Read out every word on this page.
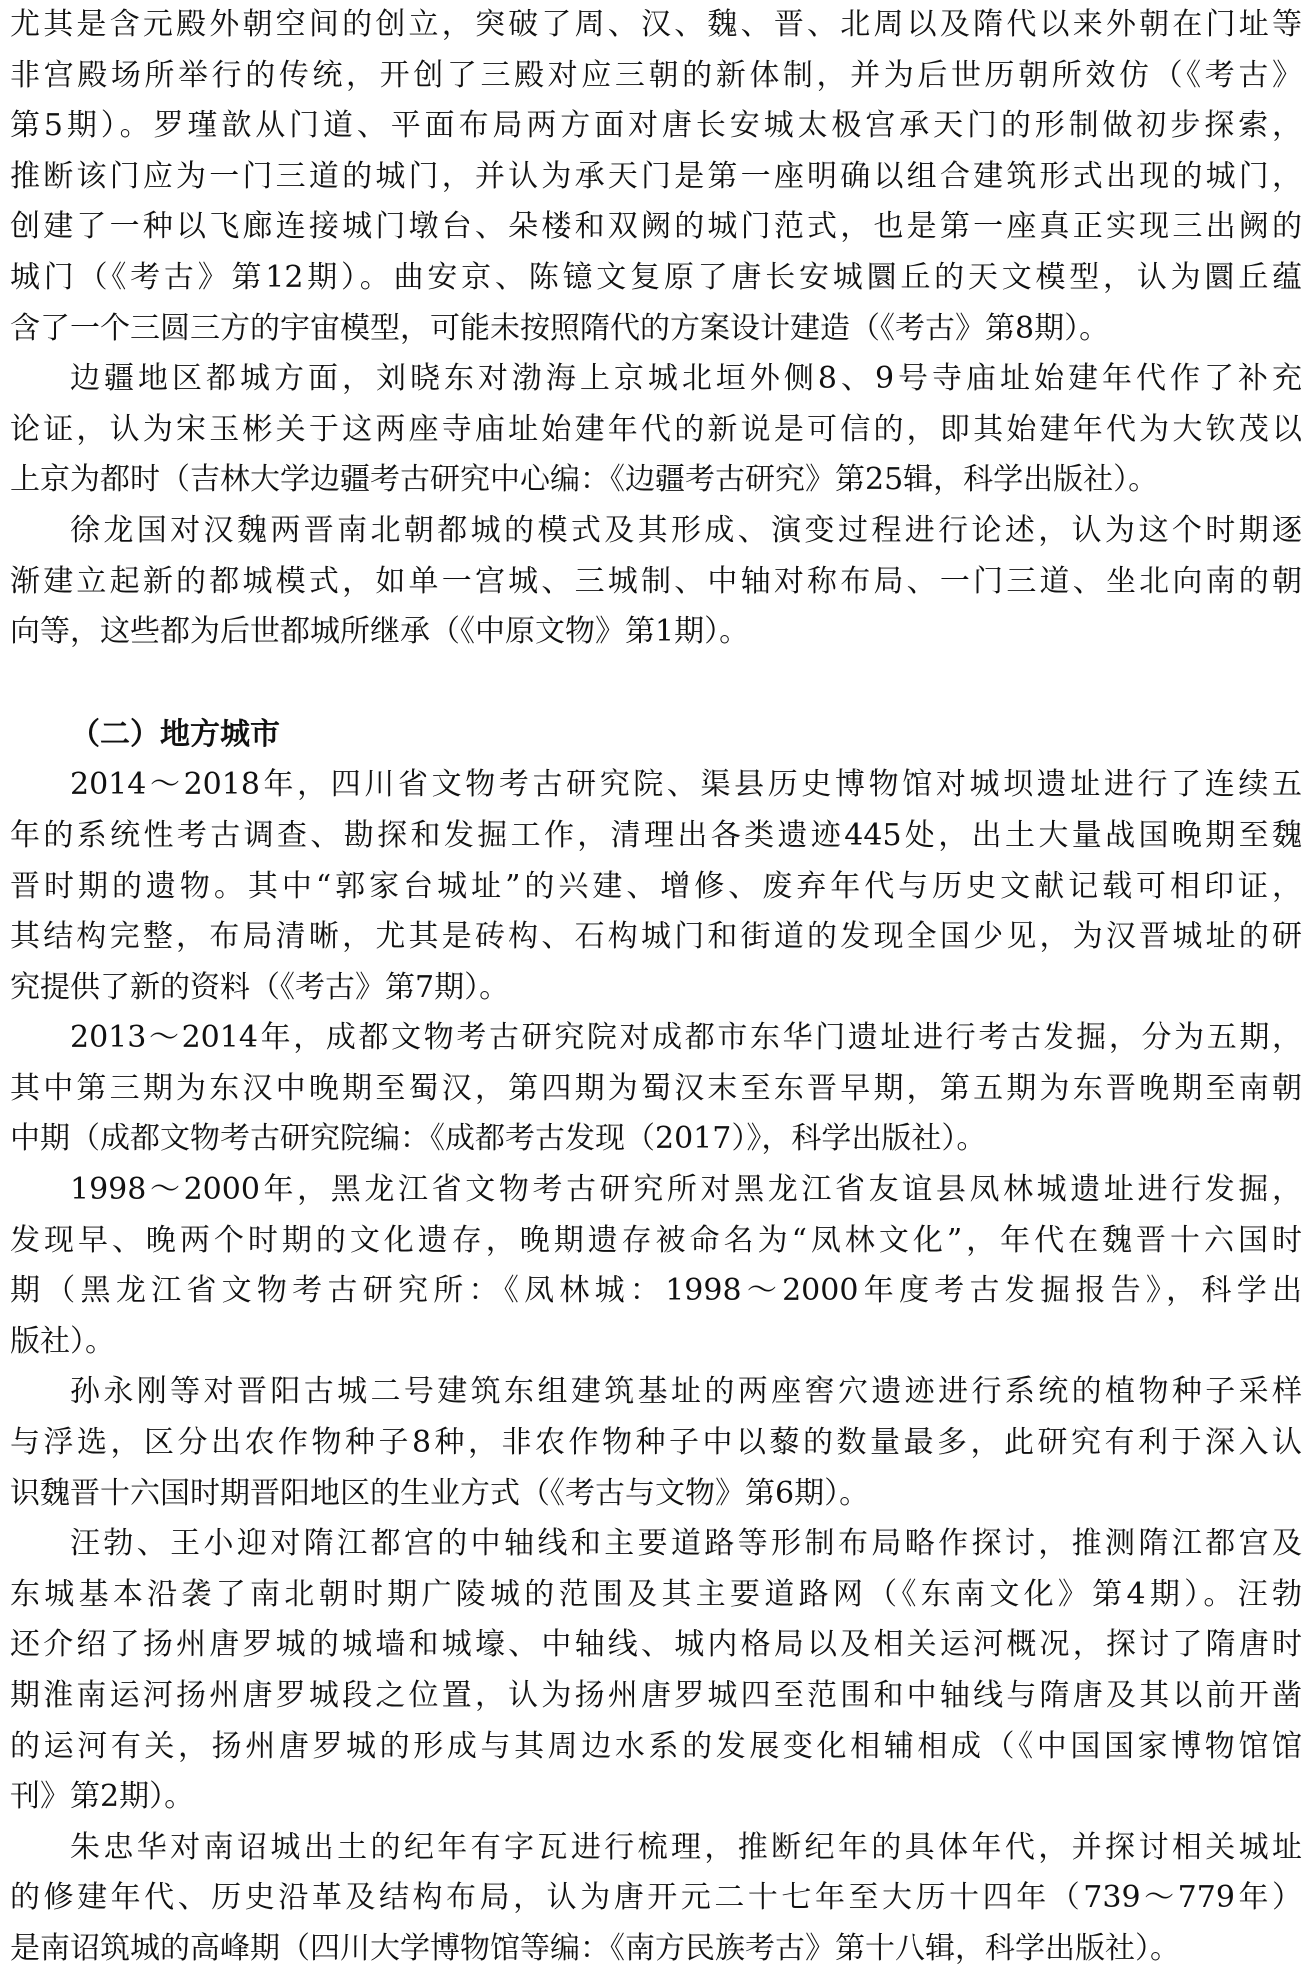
尤其是含元殿外朝空间的创立，突破了周、汉、魏、晋、北周以及隋代以来外朝在门址等
非宫殿场所举行的传统，开创了三殿对应三朝的新体制，并为后世历朝所效仿（《考古》
第5期）。罗瑾歆从门道、平面布局两方面对唐长安城太极宫承天门的形制做初步探索，
推断该门应为一门三道的城门，并认为承天门是第一座明确以组合建筑形式出现的城门，
创建了一种以飞廊连接城门墩台、朵楼和双阙的城门范式，也是第一座真正实现三出阙的
城门（《考古》第12期）。曲安京、陈镱文复原了唐长安城圜丘的天文模型，认为圜丘蕴
含了一个三圆三方的宇宙模型，可能未按照隋代的方案设计建造（《考古》第8期）。
边疆地区都城方面，刘晓东对渤海上京城北垣外侧8、9号寺庙址始建年代作了补充
论证，认为宋玉彬关于这两座寺庙址始建年代的新说是可信的，即其始建年代为大钦茂以
上京为都时（吉林大学边疆考古研究中心编：《边疆考古研究》第25辑，科学出版社）。
徐龙国对汉魏两晋南北朝都城的模式及其形成、演变过程进行论述，认为这个时期逐
渐建立起新的都城模式，如单一宫城、三城制、中轴对称布局、一门三道、坐北向南的朝
向等，这些都为后世都城所继承（《中原文物》第1期）。
（二）地方城市
2014～2018年，四川省文物考古研究院、渠县历史博物馆对城坝遗址进行了连续五
年的系统性考古调查、勘探和发掘工作，清理出各类遗迹445处，出土大量战国晚期至魏
晋时期的遗物。其中“郭家台城址”的兴建、增修、废弃年代与历史文献记载可相印证，
其结构完整，布局清晰，尤其是砖构、石构城门和街道的发现全国少见，为汉晋城址的研
究提供了新的资料（《考古》第7期）。
2013～2014年，成都文物考古研究院对成都市东华门遗址进行考古发掘，分为五期，
其中第三期为东汉中晚期至蜀汉，第四期为蜀汉末至东晋早期，第五期为东晋晚期至南朝
中期（成都文物考古研究院编：《成都考古发现（2017）》，科学出版社）。
1998～2000年，黑龙江省文物考古研究所对黑龙江省友谊县凤林城遗址进行发掘，
发现早、晚两个时期的文化遗存，晚期遗存被命名为“凤林文化”，年代在魏晋十六国时
期（黑龙江省文物考古研究所：《凤林城：1998～2000年度考古发掘报告》，科学出
版社）。
孙永刚等对晋阳古城二号建筑东组建筑基址的两座窖穴遗迹进行系统的植物种子采样
与浮选，区分出农作物种子8种，非农作物种子中以藜的数量最多，此研究有利于深入认
识魏晋十六国时期晋阳地区的生业方式（《考古与文物》第6期）。
汪勃、王小迎对隋江都宫的中轴线和主要道路等形制布局略作探讨，推测隋江都宫及
东城基本沿袭了南北朝时期广陵城的范围及其主要道路网（《东南文化》第4期）。汪勃
还介绍了扬州唐罗城的城墙和城壕、中轴线、城内格局以及相关运河概况，探讨了隋唐时
期淮南运河扬州唐罗城段之位置，认为扬州唐罗城四至范围和中轴线与隋唐及其以前开凿
的运河有关，扬州唐罗城的形成与其周边水系的发展变化相辅相成（《中国国家博物馆馆
刊》第2期）。
朱忠华对南诏城出土的纪年有字瓦进行梳理，推断纪年的具体年代，并探讨相关城址
的修建年代、历史沿革及结构布局，认为唐开元二十七年至大历十四年（739～779年）
是南诏筑城的高峰期（四川大学博物馆等编：《南方民族考古》第十八辑，科学出版社）。
